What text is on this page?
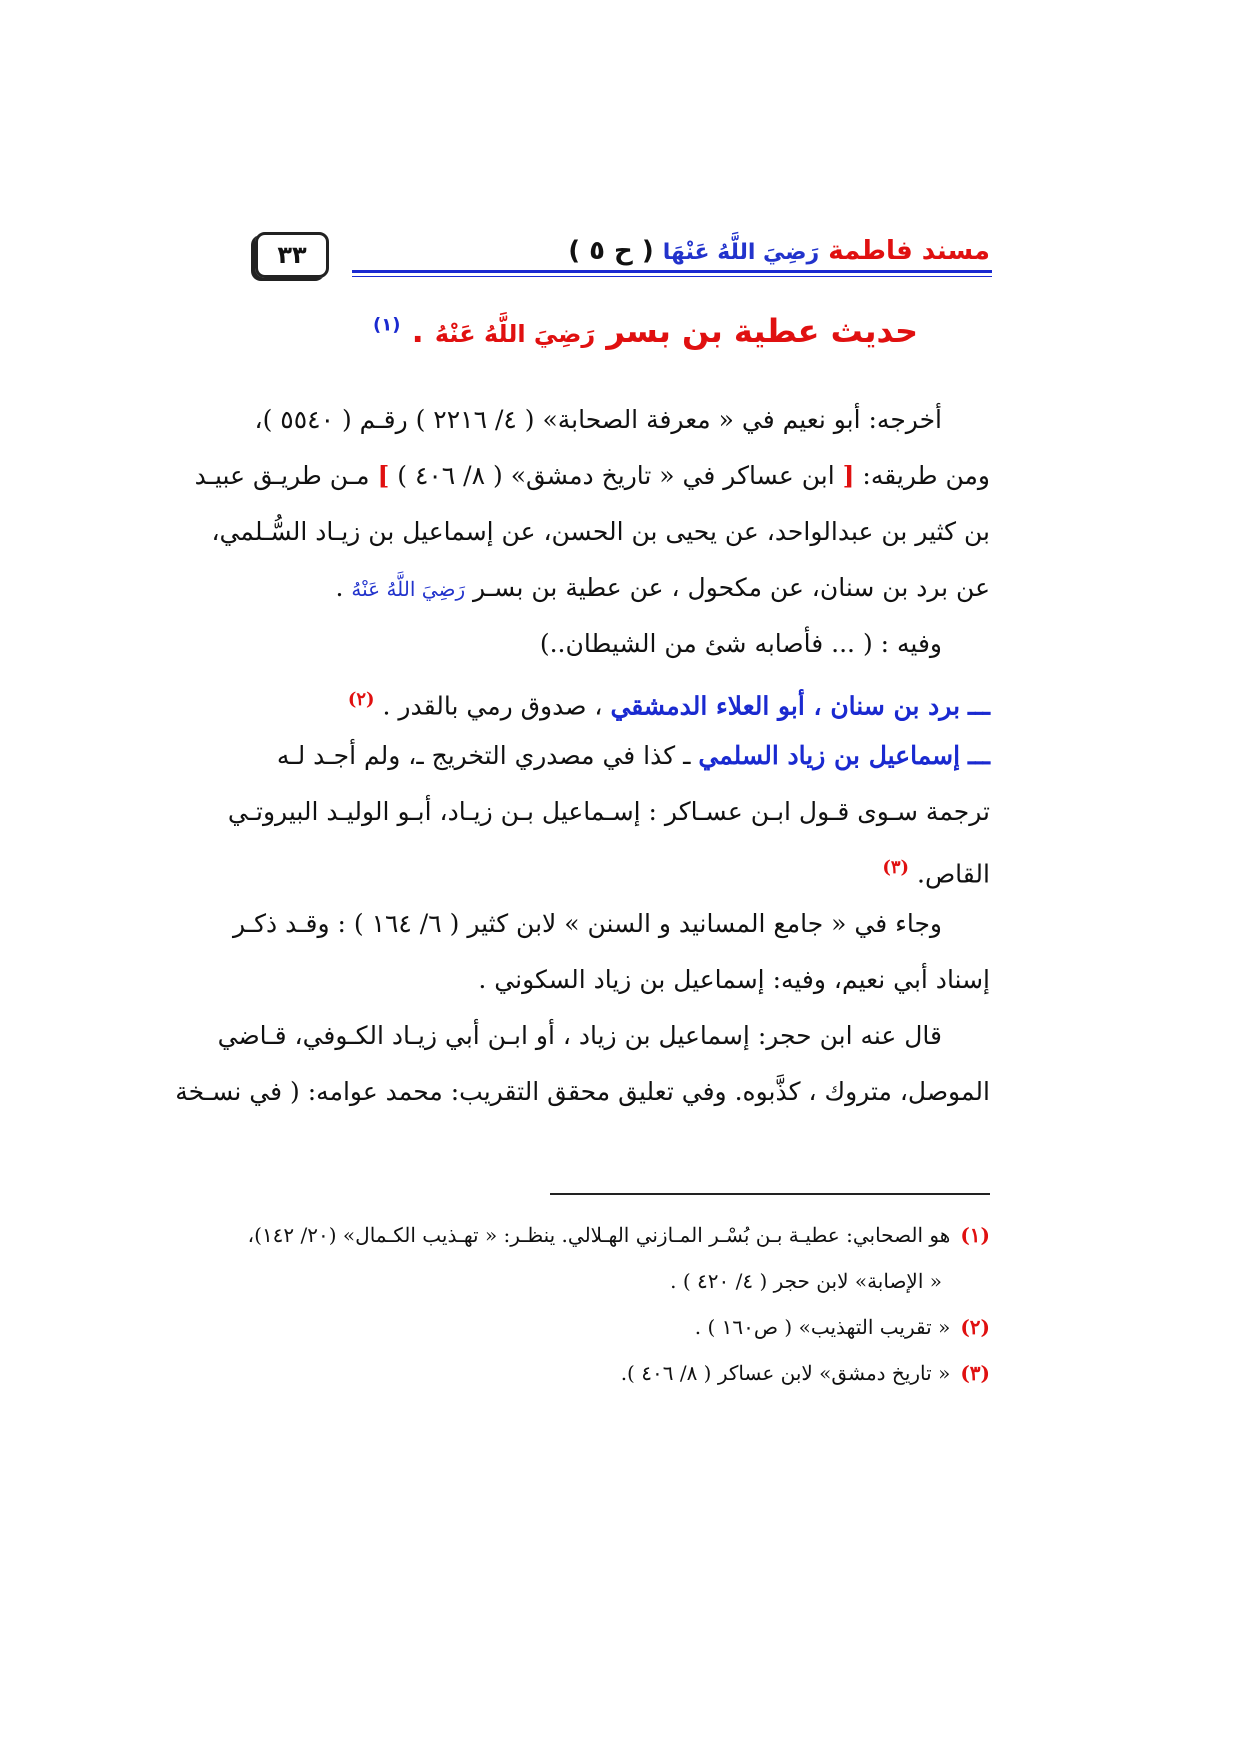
٣٣	مسند فاطمة رَضِيَ اللَّهُ عَنْهَا ( ح ٥ )
حديث عطية بن بسر رَضِيَ اللَّهُ عَنْهُ . $^{(١)}$
أخرجه: أبو نعيم في « معرفة الصحابة» ( ٤/ ٢٢١٦ ) رقـم ( ٥٥٤٠ )،
ومن طريقه: [ ابن عساكر في « تاريخ دمشق» ( ٨/ ٤٠٦ ) ] مـن طريـق عبيـد
بن كثير بن عبدالواحد، عن يحيى بن الحسن، عن إسماعيل بن زيـاد السُّـلمي،
عن برد بن سنان، عن مكحول ، عن عطية بن بسـر رَضِيَ اللَّهُ عَنْهُ .
وفيه : ( ... فأصابه شئ من الشيطان..)
ـــ برد بن سنان ، أبو العلاء الدمشقي ، صدوق رمي بالقدر . $^{(٢)}$
ـــ إسماعيل بن زياد السلمي ـ كذا في مصدري التخريج ـ، ولم أجـد لـه
ترجمة سـوى قـول ابـن عسـاكر : إسـماعيل بـن زيـاد، أبـو الوليـد البيروتـي
القاص. $^{(٣)}$
وجاء في « جامع المسانيد و السنن » لابن كثير ( ٦/ ١٦٤ ) : وقـد ذكـر
إسناد أبي نعيم، وفيه: إسماعيل بن زياد السكوني .
قال عنه ابن حجر: إسماعيل بن زياد ، أو ابـن أبي زيـاد الكـوفي، قـاضي
الموصل، متروك ، كذَّبوه. وفي تعليق محقق التقريب: محمد عوامه: ( في نسـخة
(١)هو الصحابي: عطيـة بـن بُسْـر المـازني الهـلالي. ينظـر: « تهـذيب الكـمال» (٢٠/ ١٤٢)،
« الإصابة» لابن حجر ( ٤/ ٤٢٠ ) .
(٢)« تقريب التهذيب» ( ص١٦٠ ) .
(٣)« تاريخ دمشق» لابن عساكر ( ٨/ ٤٠٦ ).
